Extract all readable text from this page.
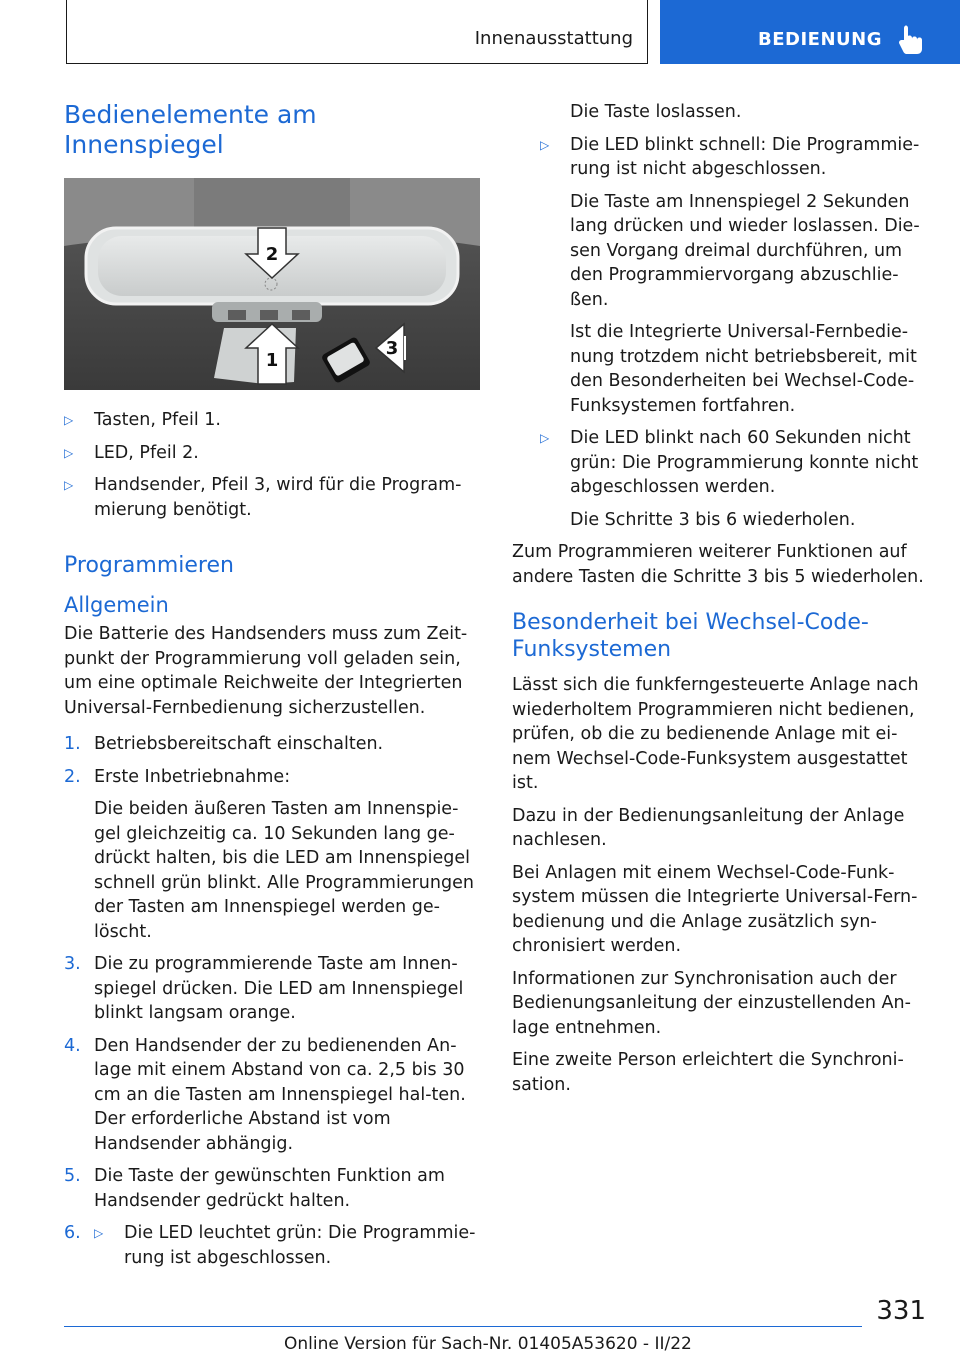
Innenausstattung	BEDIENUNG
Bedienelemente am Innenspiegel
2
1
3
▷ Tasten, Pfeil 1.
▷ LED, Pfeil 2.
▷ Handsender, Pfeil 3, wird für die Program-mierung benötigt.
Programmieren
Allgemein

Die Batterie des Handsenders muss zum Zeit-punkt der Programmierung voll geladen sein, um eine optimale Reichweite der Integrierten Universal-Fernbedienung sicherzustellen.

1. Betriebsbereitschaft einschalten.
2. Erste Inbetriebnahme:

Die beiden äußeren Tasten am Innenspie-gel gleichzeitig ca. 10 Sekunden lang ge-drückt halten, bis die LED am Innenspiegel schnell grün blinkt. Alle Programmierungen der Tasten am Innenspiegel werden ge-löscht.

3. Die zu programmierende Taste am Innen-spiegel drücken. Die LED am Innenspiegel blinkt langsam orange.
4. Den Handsender der zu bedienenden An-lage mit einem Abstand von ca. 2,5 bis 30 cm an die Tasten am Innenspiegel hal-ten. Der erforderliche Abstand ist vom Handsender abhängig.
5. Die Taste der gewünschten Funktion am Handsender gedrückt halten.
6. ▷ Die LED leuchtet grün: Die Programmie-rung ist abgeschlossen.

Die Taste loslassen.

▷ Die LED blinkt schnell: Die Programmie-rung ist nicht abgeschlossen.

Die Taste am Innenspiegel 2 Sekunden lang drücken und wieder loslassen. Die-sen Vorgang dreimal durchführen, um den Programmiervorgang abzuschlie-ßen.

Ist die Integrierte Universal-Fernbedie-nung trotzdem nicht betriebsbereit, mit den Besonderheiten bei Wechsel-Code-Funksystemen fortfahren.

▷ Die LED blinkt nach 60 Sekunden nicht grün: Die Programmierung konnte nicht abgeschlossen werden.

Die Schritte 3 bis 6 wiederholen.

Zum Programmieren weiterer Funktionen auf andere Tasten die Schritte 3 bis 5 wiederholen.

Besonderheit bei Wechsel-Code-Funksystemen

Lässt sich die funkferngesteuerte Anlage nach wiederholtem Programmieren nicht bedienen, prüfen, ob die zu bedienende Anlage mit ei-nem Wechsel-Code-Funksystem ausgestattet ist.

Dazu in der Bedienungsanleitung der Anlage nachlesen.

Bei Anlagen mit einem Wechsel-Code-Funk-system müssen die Integrierte Universal-Fern-bedienung und die Anlage zusätzlich syn-chronisiert werden.

Informationen zur Synchronisation auch der Bedienungsanleitung der einzustellenden An-lage entnehmen.

Eine zweite Person erleichtert die Synchroni-sation.

331
Online Version für Sach-Nr. 01405A53620 - II/22
